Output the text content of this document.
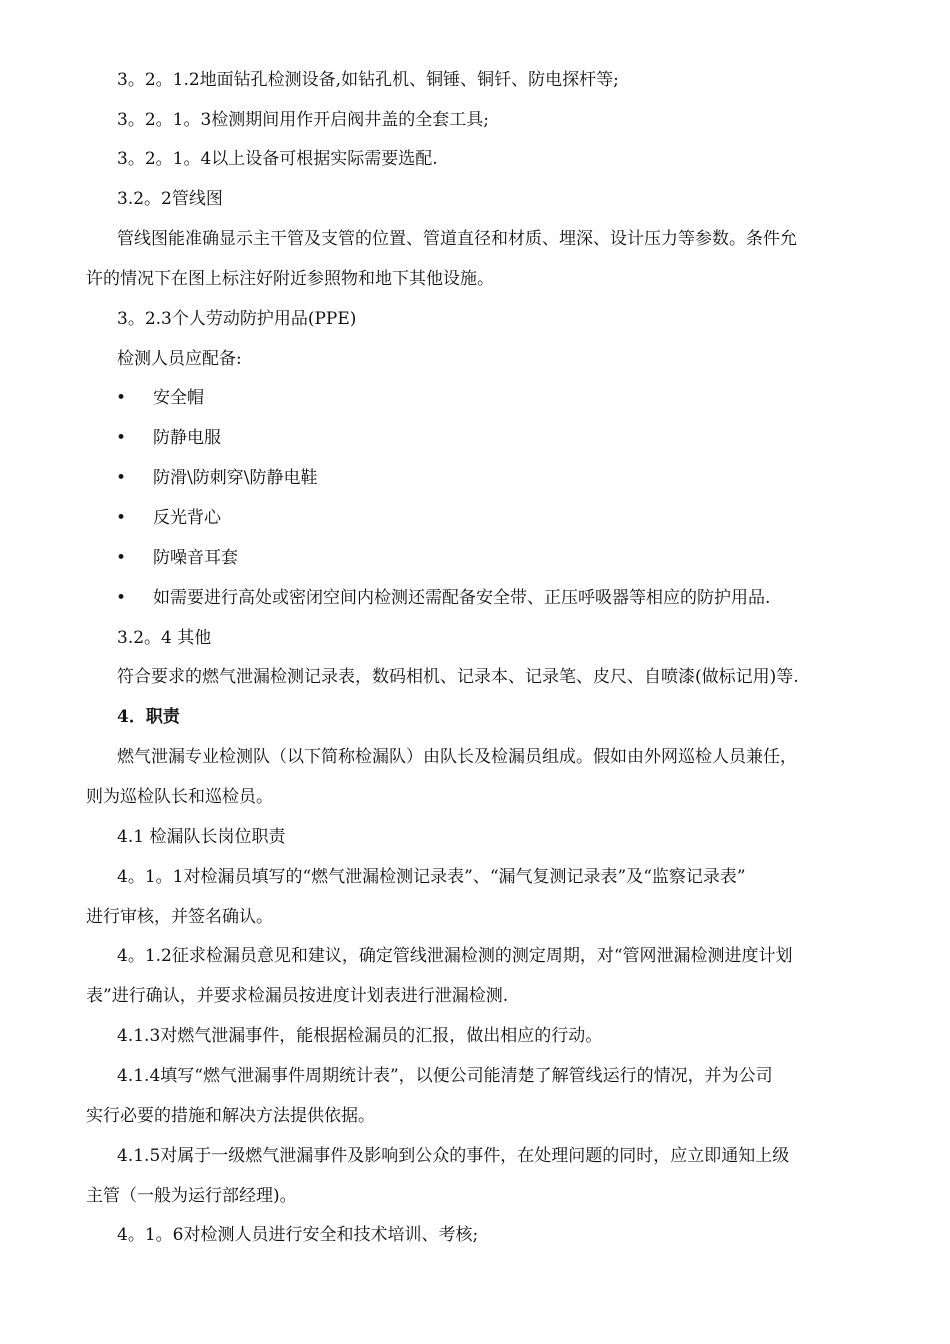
3。2。1.2地面钻孔检测设备,如钻孔机、铜锤、铜钎、防电探杆等;
3。2。1。3检测期间用作开启阀井盖的全套工具;
3。2。1。4以上设备可根据实际需要选配.
3.2。2管线图
管线图能准确显示主干管及支管的位置、管道直径和材质、埋深、设计压力等参数。条件允
许的情况下在图上标注好附近参照物和地下其他设施。
3。2.3个人劳动防护用品(PPE)
检测人员应配备:
• 安全帽
• 防静电服
• 防滑\防刺穿\防静电鞋
• 反光背心
• 防噪音耳套
• 如需要进行高处或密闭空间内检测还需配备安全带、正压呼吸器等相应的防护用品.
3.2。4 其他
符合要求的燃气泄漏检测记录表，数码相机、记录本、记录笔、皮尺、自喷漆(做标记用)等.
4．职责
燃气泄漏专业检测队（以下简称检漏队）由队长及检漏员组成。假如由外网巡检人员兼任，
则为巡检队长和巡检员。
4.1 检漏队长岗位职责
4。1。1对检漏员填写的“燃气泄漏检测记录表”、“漏气复测记录表”及“监察记录表”
进行审核，并签名确认。
4。1.2征求检漏员意见和建议，确定管线泄漏检测的测定周期，对“管网泄漏检测进度计划
表”进行确认，并要求检漏员按进度计划表进行泄漏检测.
4.1.3对燃气泄漏事件，能根据检漏员的汇报，做出相应的行动。
4.1.4填写“燃气泄漏事件周期统计表”，以便公司能清楚了解管线运行的情况，并为公司
实行必要的措施和解决方法提供依据。
4.1.5对属于一级燃气泄漏事件及影响到公众的事件，在处理问题的同时，应立即通知上级
主管（一般为运行部经理)。
4。1。6对检测人员进行安全和技术培训、考核;
